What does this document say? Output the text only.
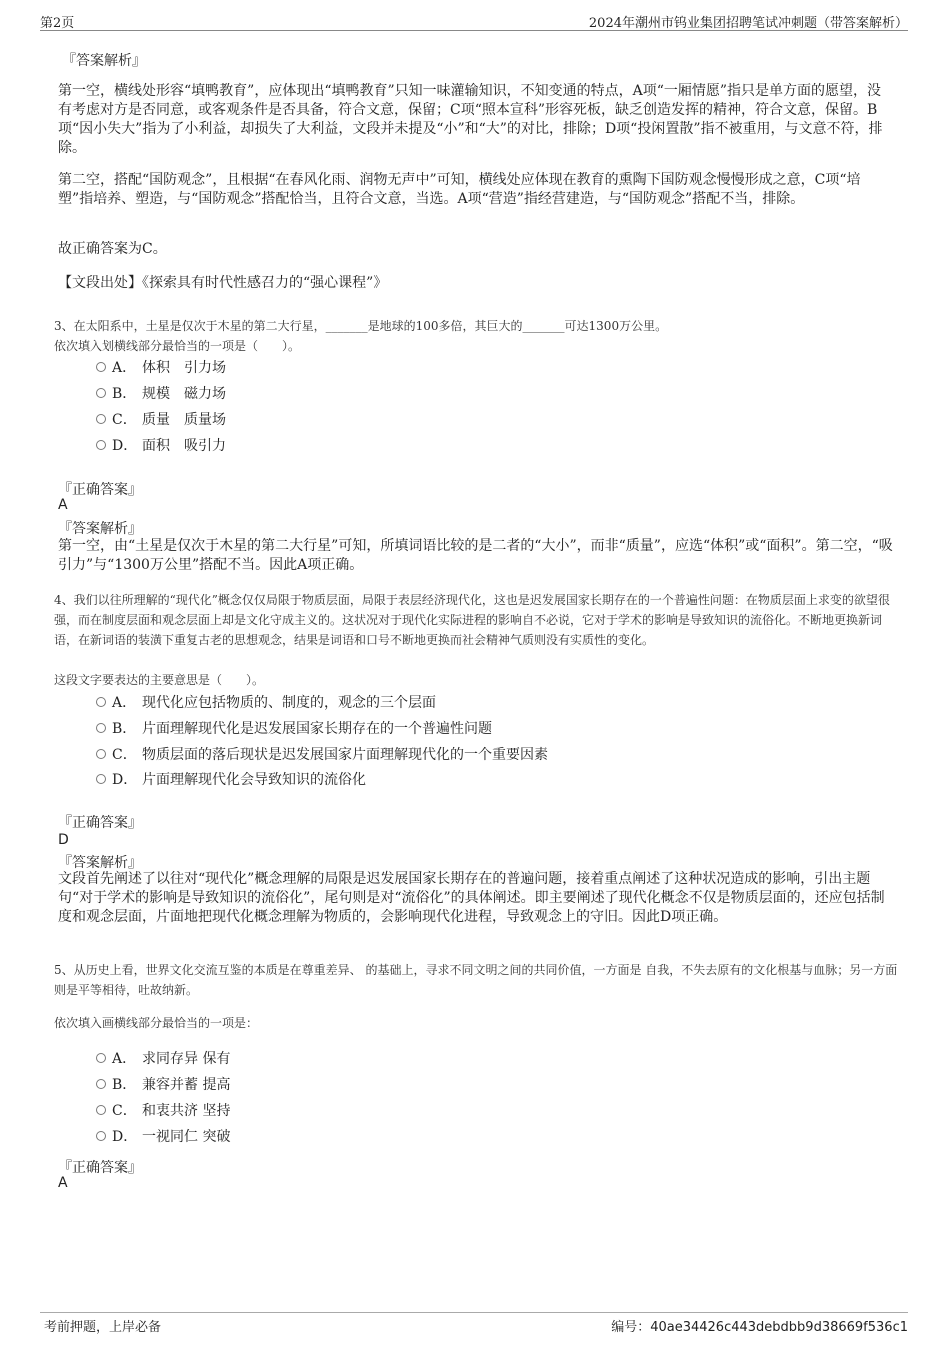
第2页	2024年潮州市钨业集团招聘笔试冲刺题（带答案解析）
『答案解析』

第一空，横线处形容“填鸭教育”，应体现出“填鸭教育”只知一味灌输知识，不知变通的特点，A项“一厢情愿”指只是单方面的愿望，没有考虑对方是否同意，或客观条件是否具备，符合文意，保留；C项“照本宣科”形容死板，缺乏创造发挥的精神，符合文意，保留。B项“因小失大”指为了小利益，却损失了大利益，文段并未提及“小”和“大”的对比，排除；D项“投闲置散”指不被重用，与文意不符，排除。

第二空，搭配“国防观念”，且根据“在春风化雨、润物无声中”可知，横线处应体现在教育的熏陶下国防观念慢慢形成之意，C项“培塑”指培养、塑造，与“国防观念”搭配恰当，且符合文意，当选。A项“营造”指经营建造，与“国防观念”搭配不当，排除。

故正确答案为C。

【文段出处】《探索具有时代性感召力的“强心课程”》

3、在太阳系中，土星是仅次于木星的第二大行星，_______是地球的100多倍，其巨大的_______可达1300万公里。

依次填入划横线部分最恰当的一项是（　　）。

A． 体积　引力场
B． 规模　磁力场
C． 质量　质量场
D． 面积　吸引力
『正确答案』
A
『答案解析』

第一空，由“土星是仅次于木星的第二大行星”可知，所填词语比较的是二者的“大小”，而非“质量”，应选“体积”或“面积”。第二空，“吸引力”与“1300万公里”搭配不当。因此A项正确。

4、我们以往所理解的“现代化”概念仅仅局限于物质层面，局限于表层经济现代化，这也是迟发展国家长期存在的一个普遍性问题：在物质层面上求变的欲望很强，而在制度层面和观念层面上却是文化守成主义的。这状况对于现代化实际进程的影响自不必说，它对于学术的影响是导致知识的流俗化。不断地更换新词语，在新词语的装潢下重复古老的思想观念，结果是词语和口号不断地更换而社会精神气质则没有实质性的变化。

这段文字要表达的主要意思是（　　）。

A． 现代化应包括物质的、制度的，观念的三个层面
B． 片面理解现代化是迟发展国家长期存在的一个普遍性问题
C． 物质层面的落后现状是迟发展国家片面理解现代化的一个重要因素
D． 片面理解现代化会导致知识的流俗化
『正确答案』
D
『答案解析』

文段首先阐述了以往对“现代化”概念理解的局限是迟发展国家长期存在的普遍问题，接着重点阐述了这种状况造成的影响，引出主题句“对于学术的影响是导致知识的流俗化”，尾句则是对“流俗化”的具体阐述。即主要阐述了现代化概念不仅是物质层面的，还应包括制度和观念层面，片面地把现代化概念理解为物质的，会影响现代化进程，导致观念上的守旧。因此D项正确。

5、从历史上看，世界文化交流互鉴的本质是在尊重差异、 的基础上，寻求不同文明之间的共同价值，一方面是 自我，不失去原有的文化根基与血脉；另一方面则是平等相待，吐故纳新。

依次填入画横线部分最恰当的一项是：

A． 求同存异 保有
B． 兼容并蓄 提高
C． 和衷共济 坚持
D． 一视同仁 突破
『正确答案』
A
考前押题，上岸必备	编号：40ae34426c443debdbb9d38669f536c1
